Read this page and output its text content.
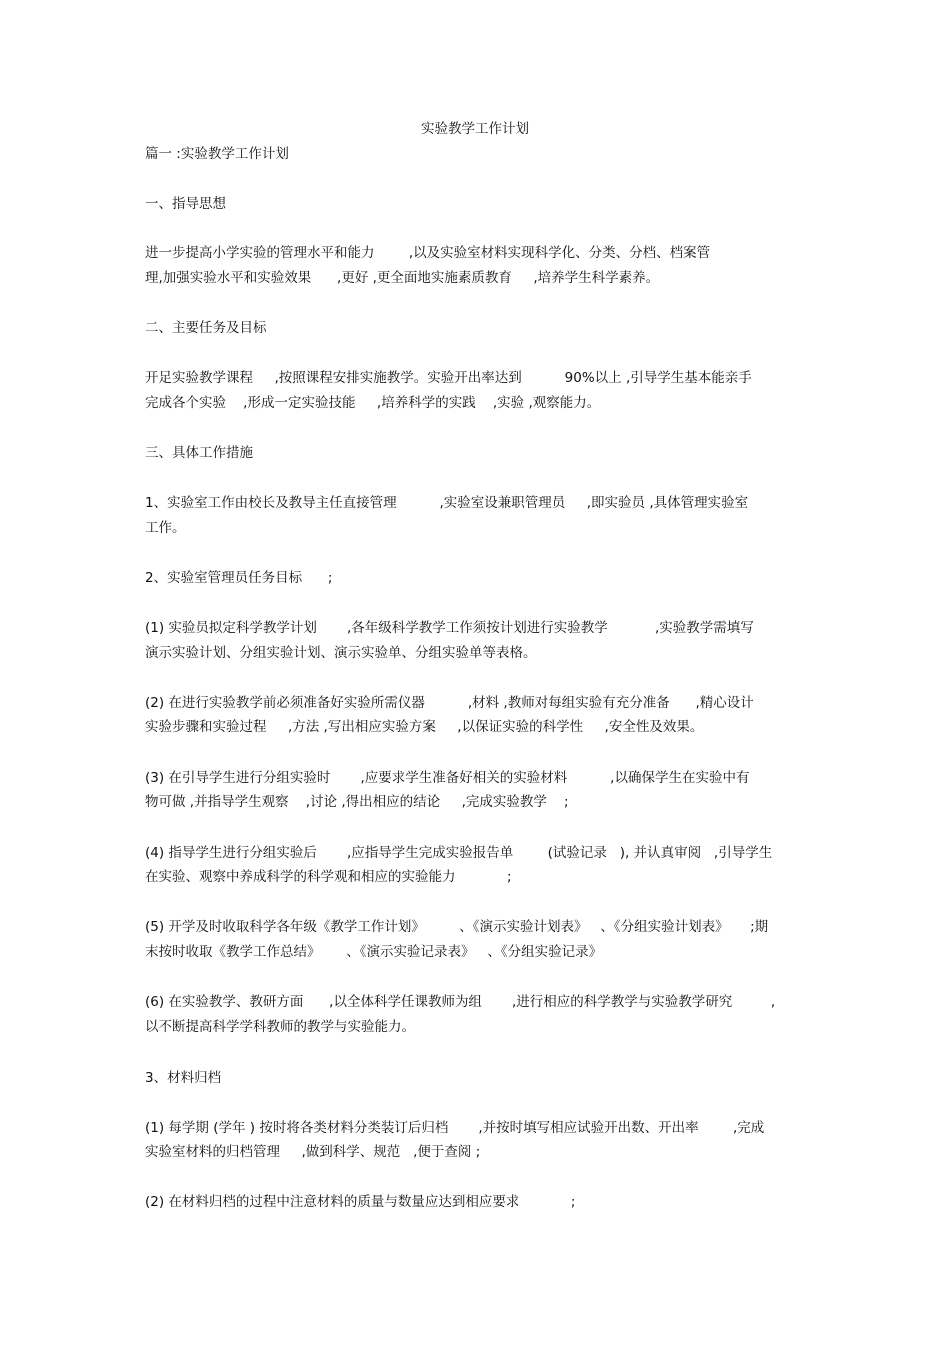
实验教学工作计划
篇一 :实验教学工作计划
一、指导思想
进一步提高小学实验的管理水平和能力        ,以及实验室材料实现科学化、分类、分档、档案管
理,加强实验水平和实验效果      ,更好 ,更全面地实施素质教育     ,培养学生科学素养。
二、主要任务及目标
开足实验教学课程     ,按照课程安排实施教学。实验开出率达到          90%以上 ,引导学生基本能亲手
完成各个实验    ,形成一定实验技能     ,培养科学的实践    ,实验 ,观察能力。
三、具体工作措施
1、实验室工作由校长及教导主任直接管理          ,实验室设兼职管理员     ,即实验员 ,具体管理实验室
工作。
2、实验室管理员任务目标      ;
(1) 实验员拟定科学教学计划       ,各年级科学教学工作须按计划进行实验教学           ,实验教学需填写
演示实验计划、分组实验计划、演示实验单、分组实验单等表格。
(2) 在进行实验教学前必须准备好实验所需仪器          ,材料 ,教师对每组实验有充分准备      ,精心设计
实验步骤和实验过程     ,方法 ,写出相应实验方案     ,以保证实验的科学性     ,安全性及效果。
(3) 在引导学生进行分组实验时       ,应要求学生准备好相关的实验材料          ,以确保学生在实验中有
物可做 ,并指导学生观察    ,讨论 ,得出相应的结论     ,完成实验教学    ;
(4) 指导学生进行分组实验后       ,应指导学生完成实验报告单        (试验记录   ), 并认真审阅   ,引导学生
在实验、观察中养成科学的科学观和相应的实验能力            ;
(5) 开学及时收取科学各年级《教学工作计划》        、《演示实验计划表》   、《分组实验计划表》     ;期
末按时收取《教学工作总结》      、《演示实验记录表》   、《分组实验记录》
(6) 在实验教学、教研方面      ,以全体科学任课教师为组       ,进行相应的科学教学与实验教学研究         ,
以不断提高科学学科教师的教学与实验能力。
3、材料归档
(1) 每学期 (学年 ) 按时将各类材料分类装订后归档       ,并按时填写相应试验开出数、开出率        ,完成
实验室材料的归档管理     ,做到科学、规范   ,便于查阅 ;
(2) 在材料归档的过程中注意材料的质量与数量应达到相应要求            ;
